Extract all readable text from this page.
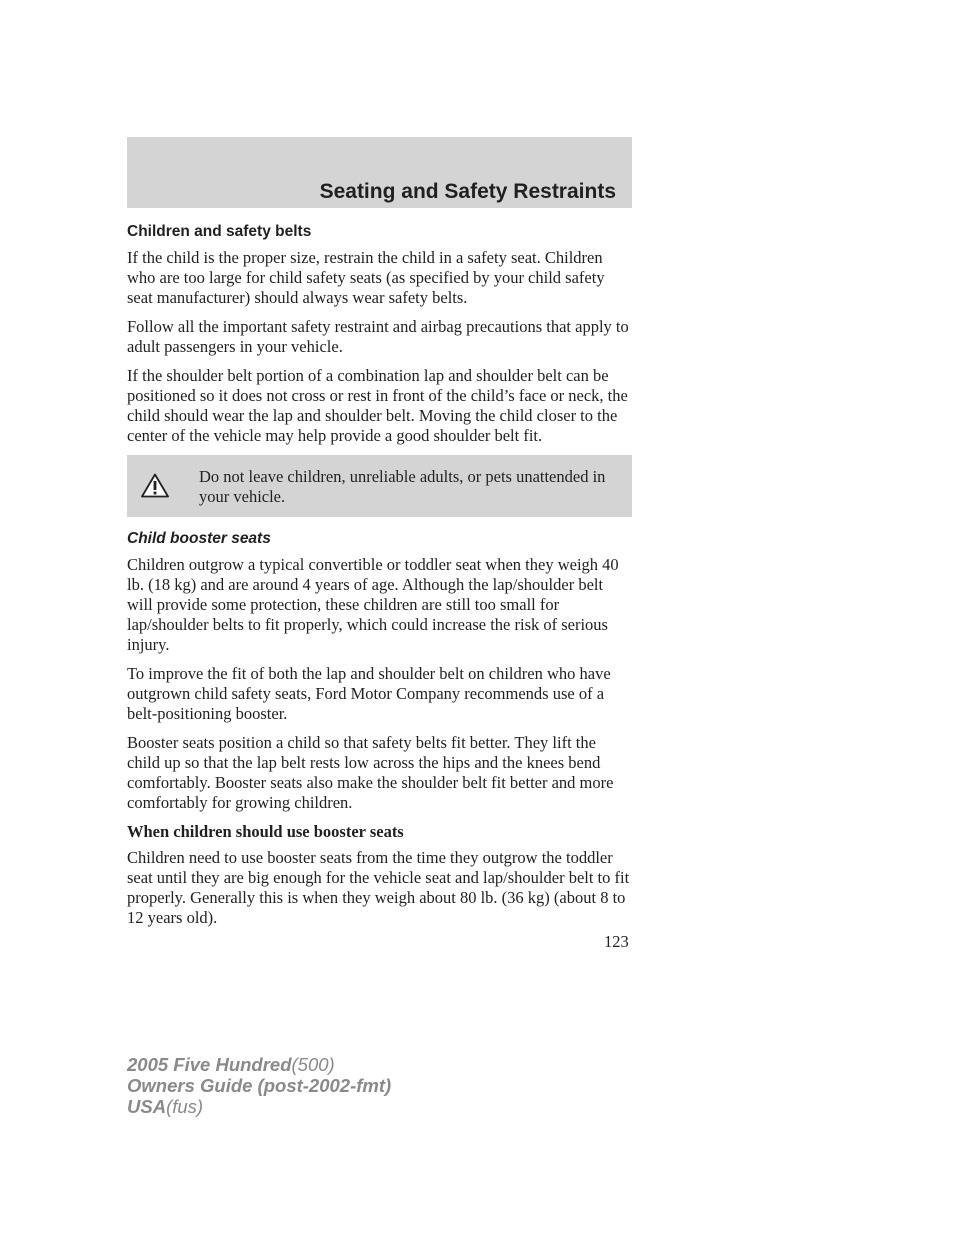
Seating and Safety Restraints
Children and safety belts

If the child is the proper size, restrain the child in a safety seat. Children who are too large for child safety seats (as specified by your child safety seat manufacturer) should always wear safety belts.

Follow all the important safety restraint and airbag precautions that apply to adult passengers in your vehicle.

If the shoulder belt portion of a combination lap and shoulder belt can be positioned so it does not cross or rest in front of the child’s face or neck, the child should wear the lap and shoulder belt. Moving the child closer to the center of the vehicle may help provide a good shoulder belt fit.

Do not leave children, unreliable adults, or pets unattended in your vehicle.

Child booster seats

Children outgrow a typical convertible or toddler seat when they weigh 40 lb. (18 kg) and are around 4 years of age. Although the lap/shoulder belt will provide some protection, these children are still too small for lap/shoulder belts to fit properly, which could increase the risk of serious injury.

To improve the fit of both the lap and shoulder belt on children who have outgrown child safety seats, Ford Motor Company recommends use of a belt-positioning booster.

Booster seats position a child so that safety belts fit better. They lift the child up so that the lap belt rests low across the hips and the knees bend comfortably. Booster seats also make the shoulder belt fit better and more comfortably for growing children.

When children should use booster seats

Children need to use booster seats from the time they outgrow the toddler seat until they are big enough for the vehicle seat and lap/shoulder belt to fit properly. Generally this is when they weigh about 80 lb. (36 kg) (about 8 to 12 years old).

123
2005 Five Hundred(500)
Owners Guide (post-2002-fmt)
USA(fus)
